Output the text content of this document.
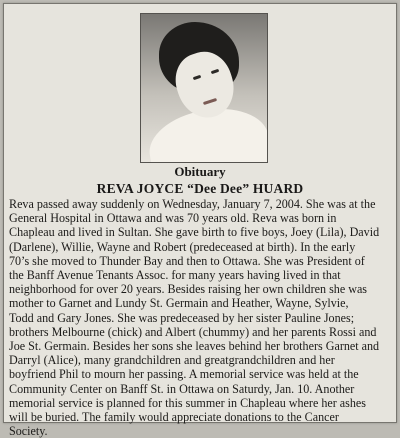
Obituary
REVA JOYCE “Dee Dee” HUARD
Reva passed away suddenly on Wednesday, January 7, 2004. She was at the
General Hospital in Ottawa and was 70 years old. Reva was born in
Chapleau and lived in Sultan. She gave birth to five boys, Joey (Lila), David
(Darlene), Willie, Wayne and Robert (predeceased at birth). In the early
70’s she moved to Thunder Bay and then to Ottawa. She was President of
the Banff Avenue Tenants Assoc. for many years having lived in that
neighborhood for over 20 years. Besides raising her own children she was
mother to Garnet and Lundy St. Germain and Heather, Wayne, Sylvie,
Todd and Gary Jones. She was predeceased by her sister Pauline Jones;
brothers Melbourne (chick) and Albert (chummy) and her parents Rossi and
Joe St. Germain. Besides her sons she leaves behind her brothers Garnet and
Darryl (Alice), many grandchildren and greatgrandchildren and her
boyfriend Phil to mourn her passing. A memorial service was held at the
Community Center on Banff St. in Ottawa on Saturdy, Jan. 10. Another
memorial service is planned for this summer in Chapleau where her ashes
will be buried. The family would appreciate donations to the Cancer
Society.
